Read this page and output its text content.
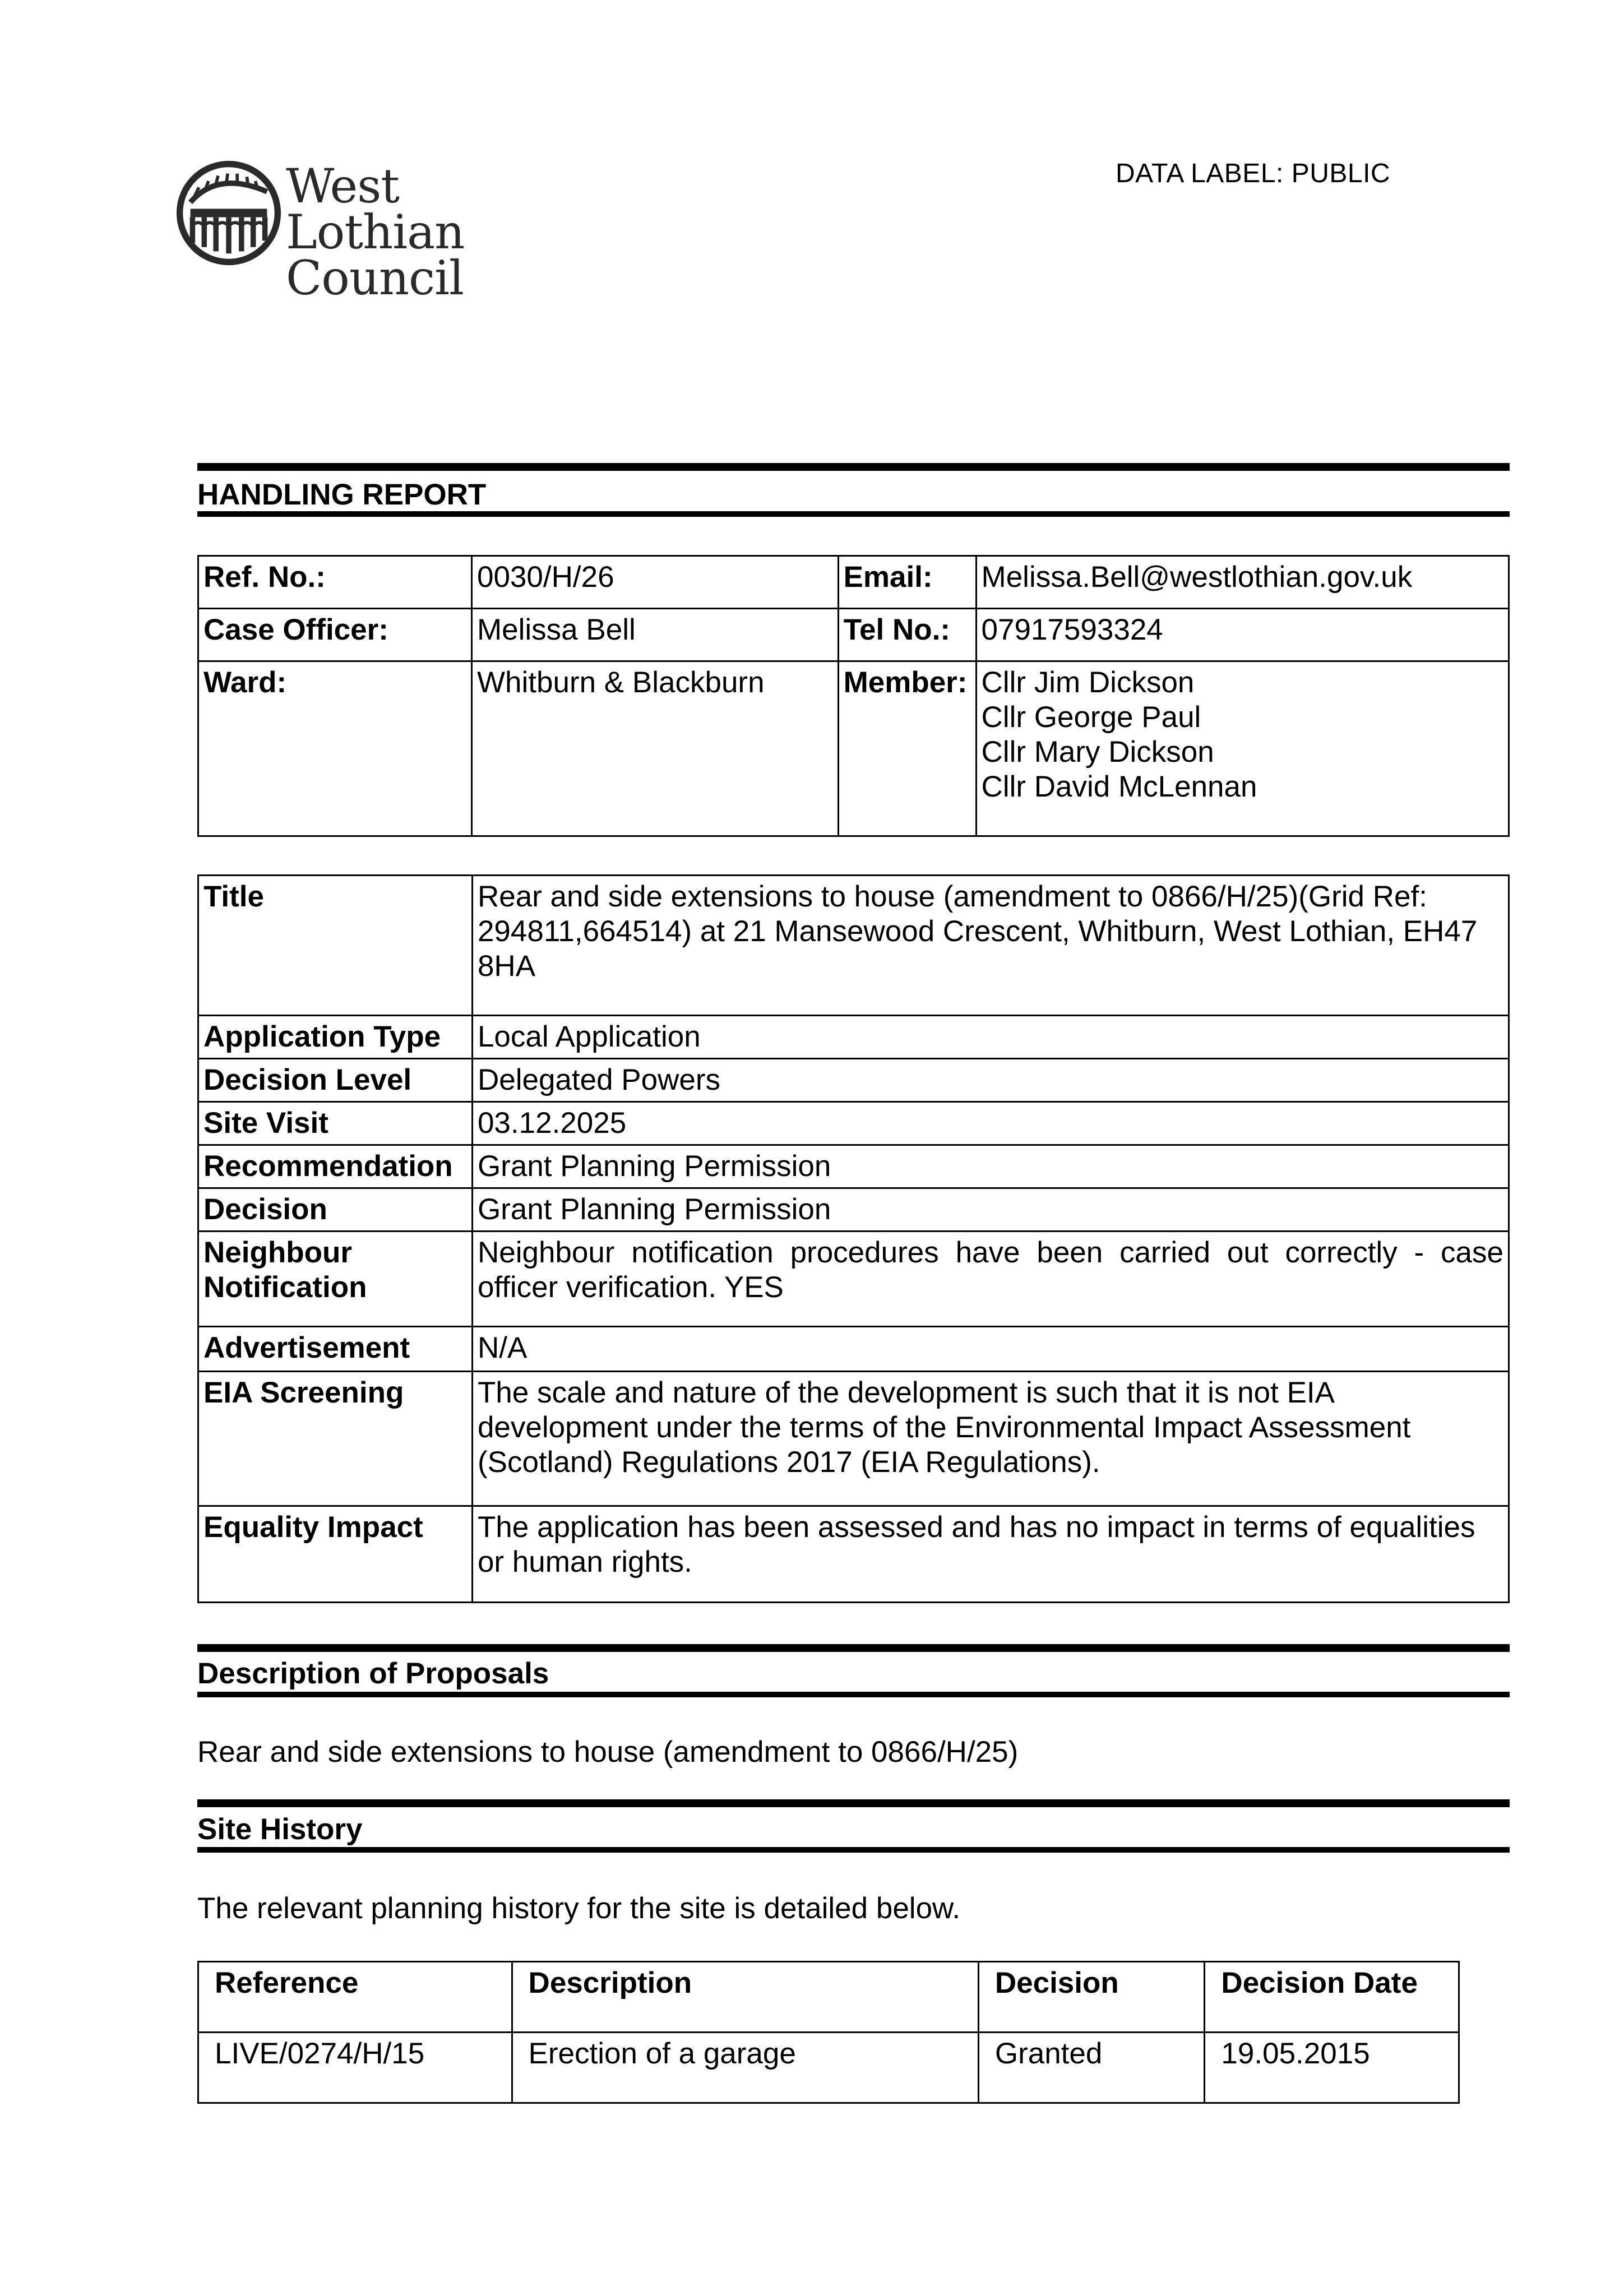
West Lothian
Council
DATA LABEL: PUBLIC
HANDLING REPORT
Ref. No.:	0030/H/26	Email:	Melissa.Bell@westlothian.gov.uk
Case Officer:	Melissa Bell	Tel No.:	07917593324
Ward:	Whitburn & Blackburn	Member:	Cllr Jim Dickson
Cllr George Paul
Cllr Mary Dickson
Cllr David McLennan
Title	Rear and side extensions to house (amendment to 0866/H/25)(Grid Ref: 294811,664514) at 21 Mansewood Crescent, Whitburn, West Lothian, EH47 8HA
Application Type	Local Application
Decision Level	Delegated Powers
Site Visit	03.12.2025
Recommendation	Grant Planning Permission
Decision	Grant Planning Permission
Neighbour Notification	Neighbour notification procedures have been carried out correctly - case officer verification. YES
Advertisement	N/A
EIA Screening	The scale and nature of the development is such that it is not EIA development under the terms of the Environmental Impact Assessment (Scotland) Regulations 2017 (EIA Regulations).
Equality Impact	The application has been assessed and has no impact in terms of equalities or human rights.
Description of Proposals
Rear and side extensions to house (amendment to 0866/H/25)
Site History
The relevant planning history for the site is detailed below.
Reference	Description	Decision	Decision Date
LIVE/0274/H/15	Erection of a garage	Granted	19.05.2015
